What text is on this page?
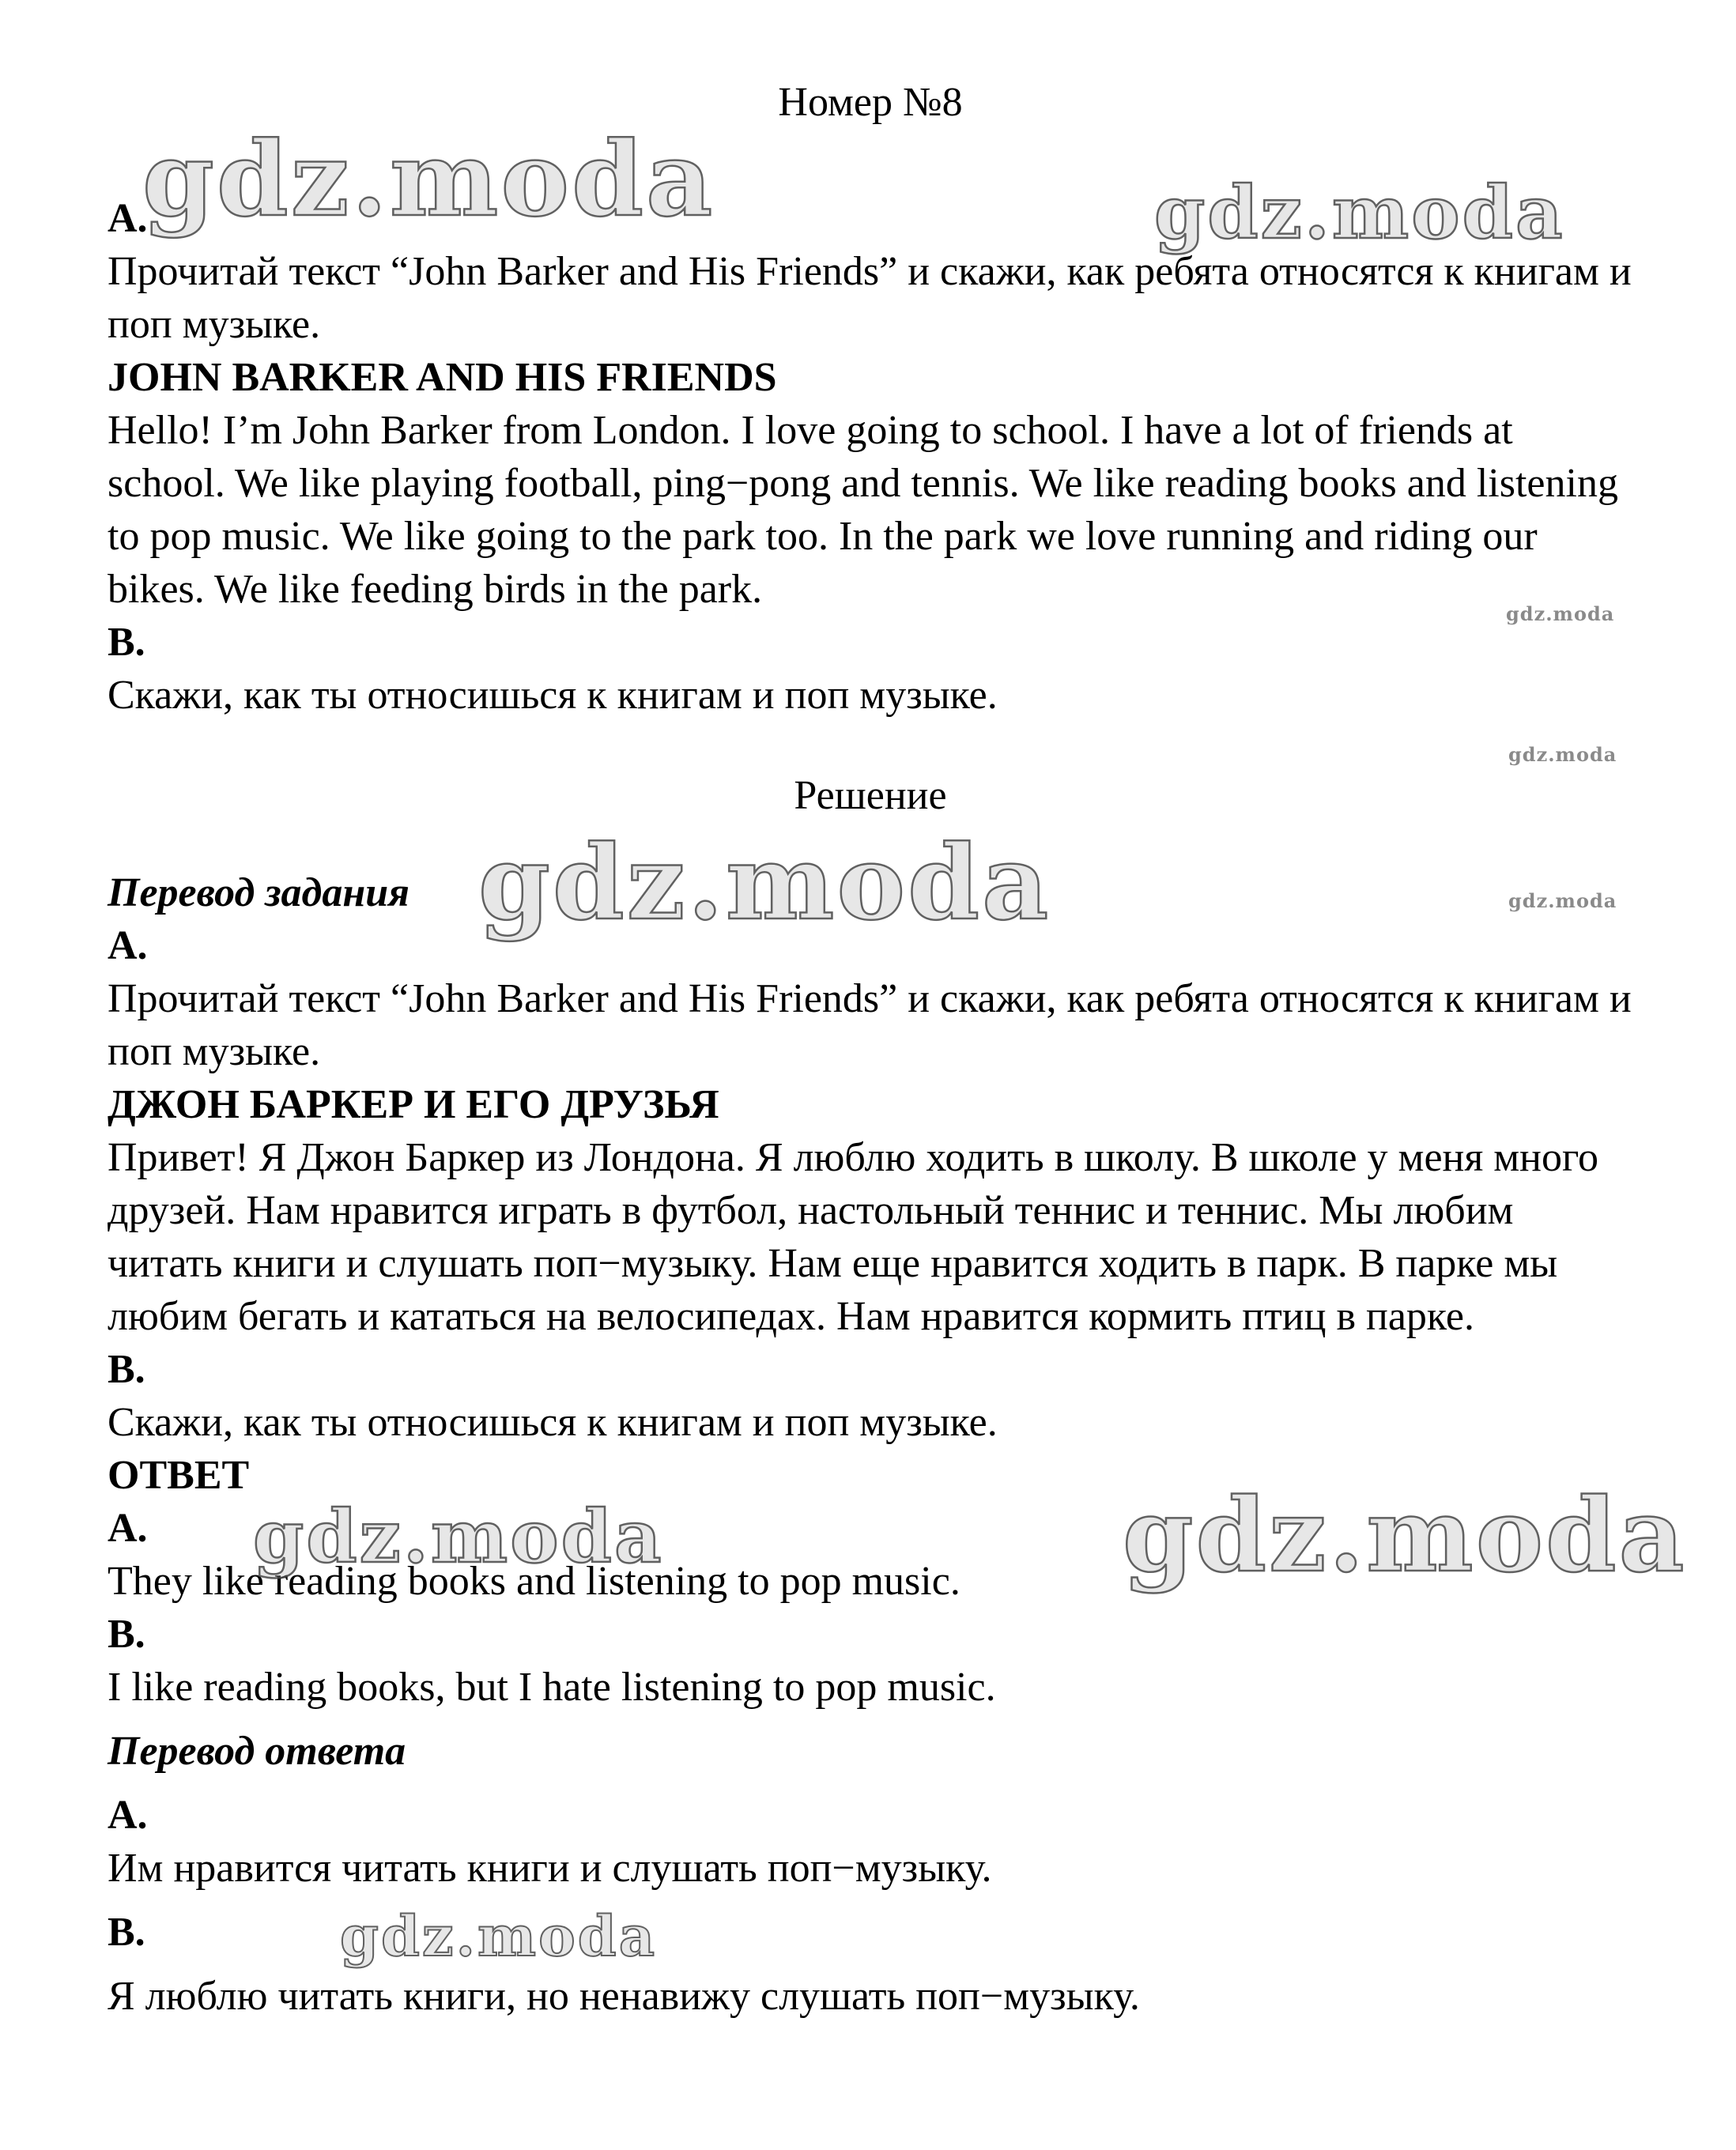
Номер №8

A.

Прочитай текст “John Barker and His Friends” и скажи, как ребята относятся к книгам и поп музыке.

JOHN BARKER AND HIS FRIENDS

Hello! I’m John Barker from London. I love going to school. I have a lot of friends at school. We like playing football, ping−pong and tennis. We like reading books and listening to pop music. We like going to the park too. In the park we love running and riding our bikes. We like feeding birds in the park.

B.

Скажи, как ты относишься к книгам и поп музыке.

Решение

Перевод задания

A.

Прочитай текст “John Barker and His Friends” и скажи, как ребята относятся к книгам и поп музыке.

ДЖОН БАРКЕР И ЕГО ДРУЗЬЯ

Привет! Я Джон Баркер из Лондона. Я люблю ходить в школу. В школе у меня много друзей. Нам нравится играть в футбол, настольный теннис и теннис. Мы любим читать книги и слушать поп−музыку. Нам еще нравится ходить в парк. В парке мы любим бегать и кататься на велосипедах. Нам нравится кормить птиц в парке.

B.

Скажи, как ты относишься к книгам и поп музыке.

ОТВЕТ

A.

They like reading books and listening to pop music.

B.

I like reading books, but I hate listening to pop music.

Перевод ответа

A.

Им нравится читать книги и слушать поп−музыку.

B.

Я люблю читать книги, но ненавижу слушать поп−музыку.

gdz.moda	gdz.moda
gdz.moda
gdz.moda
gdz.moda
gdz.moda
gdz.moda	gdz.moda
gdz.moda
